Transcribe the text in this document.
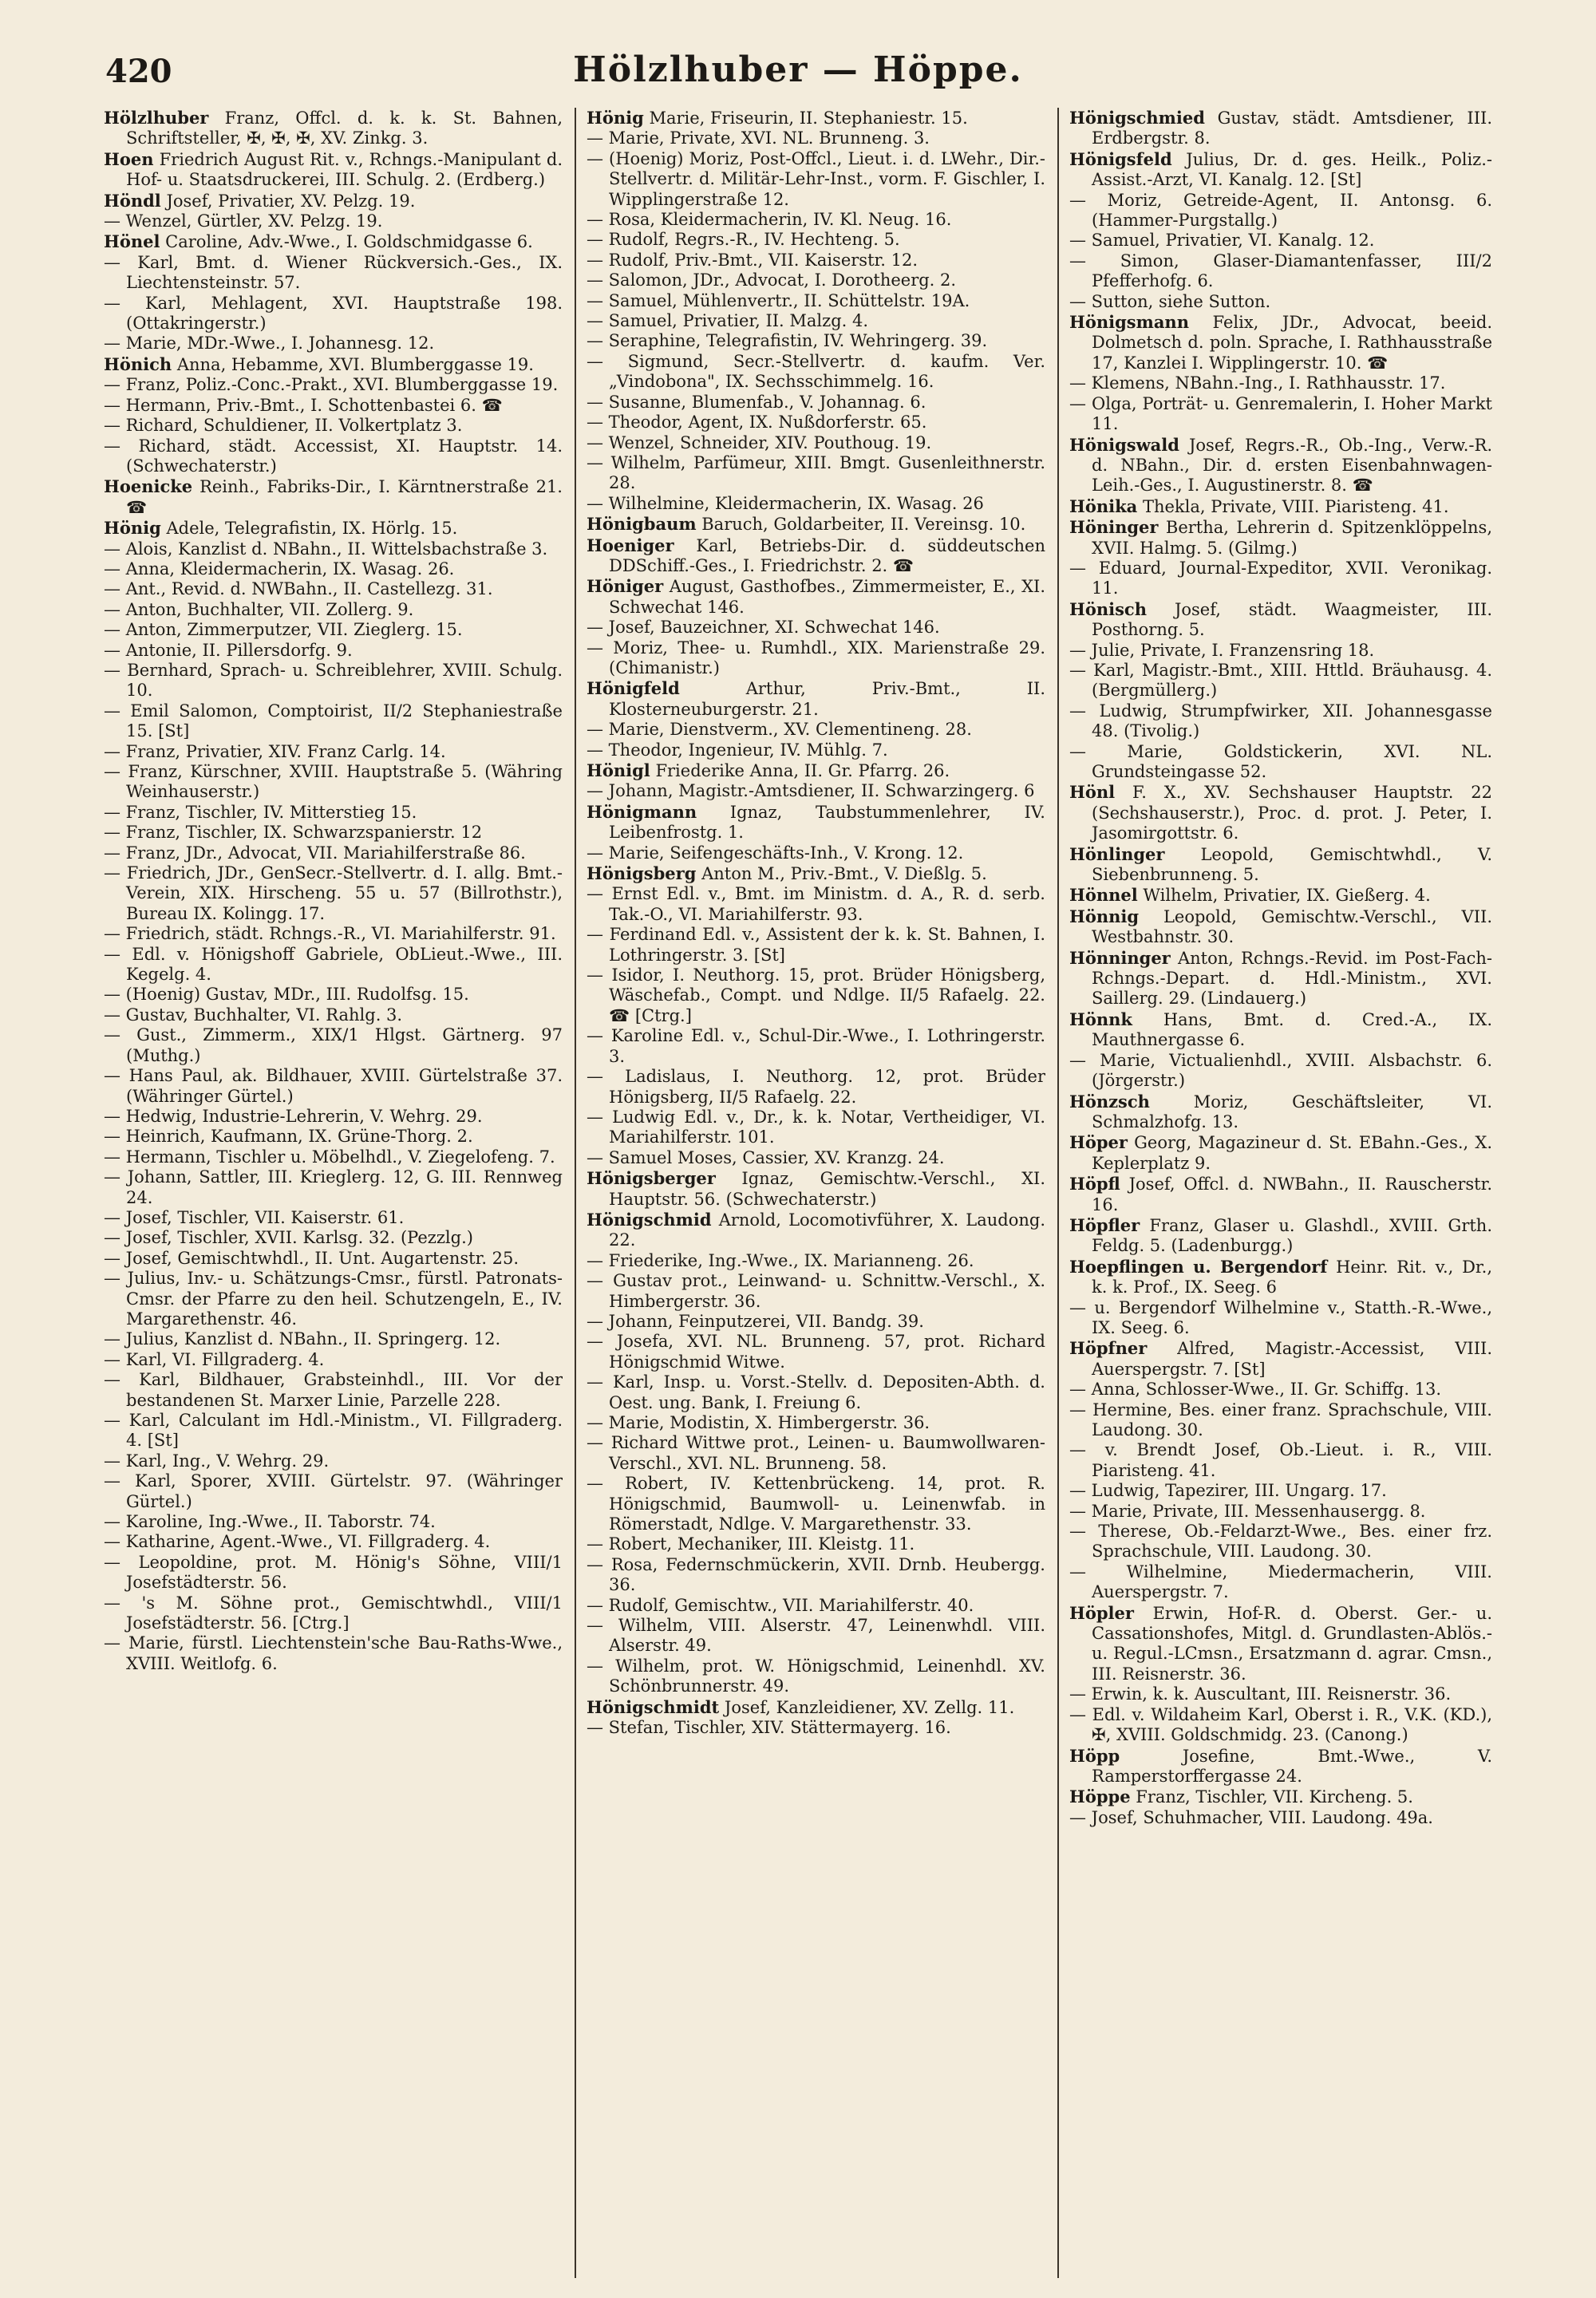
420	Hölzlhuber — Höppe.

Hölzlhuber Franz, Offcl. d. k. k. St. Bahnen, Schriftsteller, ✠, ✠, ✠, XV. Zinkg. 3.

Hoen Friedrich August Rit. v., Rchngs.-Manipulant d. Hof- u. Staatsdruckerei, III. Schulg. 2. (Erdberg.)

Höndl Josef, Privatier, XV. Pelzg. 19.

— Wenzel, Gürtler, XV. Pelzg. 19.

Hönel Caroline, Adv.-Wwe., I. Goldschmidgasse 6.

— Karl, Bmt. d. Wiener Rückversich.-Ges., IX. Liechtensteinstr. 57.

— Karl, Mehlagent, XVI. Hauptstraße 198. (Ottakringerstr.)

— Marie, MDr.-Wwe., I. Johannesg. 12.

Hönich Anna, Hebamme, XVI. Blumberggasse 19.

— Franz, Poliz.-Conc.-Prakt., XVI. Blumberggasse 19.

— Hermann, Priv.-Bmt., I. Schottenbastei 6. ☎

— Richard, Schuldiener, II. Volkertplatz 3.

— Richard, städt. Accessist, XI. Hauptstr. 14. (Schwechaterstr.)

Hoenicke Reinh., Fabriks-Dir., I. Kärntnerstraße 21. ☎

Hönig Adele, Telegrafistin, IX. Hörlg. 15.

— Alois, Kanzlist d. NBahn., II. Wittelsbachstraße 3.

— Anna, Kleidermacherin, IX. Wasag. 26.

— Ant., Revid. d. NWBahn., II. Castellezg. 31.

— Anton, Buchhalter, VII. Zollerg. 9.

— Anton, Zimmerputzer, VII. Zieglerg. 15.

— Antonie, II. Pillersdorfg. 9.

— Bernhard, Sprach- u. Schreiblehrer, XVIII. Schulg. 10.

— Emil Salomon, Comptoirist, II/2 Stephaniestraße 15. [St]

— Franz, Privatier, XIV. Franz Carlg. 14.

— Franz, Kürschner, XVIII. Hauptstraße 5. (Währing Weinhauserstr.)

— Franz, Tischler, IV. Mitterstieg 15.

— Franz, Tischler, IX. Schwarzspanierstr. 12

— Franz, JDr., Advocat, VII. Mariahilferstraße 86.

— Friedrich, JDr., GenSecr.-Stellvertr. d. I. allg. Bmt.-Verein, XIX. Hirscheng. 55 u. 57 (Billrothstr.), Bureau IX. Kolingg. 17.

— Friedrich, städt. Rchngs.-R., VI. Mariahilferstr. 91.

— Edl. v. Hönigshoff Gabriele, ObLieut.-Wwe., III. Kegelg. 4.

— (Hoenig) Gustav, MDr., III. Rudolfsg. 15.

— Gustav, Buchhalter, VI. Rahlg. 3.

— Gust., Zimmerm., XIX/1 Hlgst. Gärtnerg. 97 (Muthg.)

— Hans Paul, ak. Bildhauer, XVIII. Gürtelstraße 37. (Währinger Gürtel.)

— Hedwig, Industrie-Lehrerin, V. Wehrg. 29.

— Heinrich, Kaufmann, IX. Grüne-Thorg. 2.

— Hermann, Tischler u. Möbelhdl., V. Ziegelofeng. 7.

— Johann, Sattler, III. Krieglerg. 12, G. III. Rennweg 24.

— Josef, Tischler, VII. Kaiserstr. 61.

— Josef, Tischler, XVII. Karlsg. 32. (Pezzlg.)

— Josef, Gemischtwhdl., II. Unt. Augartenstr. 25.

— Julius, Inv.- u. Schätzungs-Cmsr., fürstl. Patronats-Cmsr. der Pfarre zu den heil. Schutzengeln, E., IV. Margarethenstr. 46.

— Julius, Kanzlist d. NBahn., II. Springerg. 12.

— Karl, VI. Fillgraderg. 4.

— Karl, Bildhauer, Grabsteinhdl., III. Vor der bestandenen St. Marxer Linie, Parzelle 228.

— Karl, Calculant im Hdl.-Ministm., VI. Fillgraderg. 4. [St]

— Karl, Ing., V. Wehrg. 29.

— Karl, Sporer, XVIII. Gürtelstr. 97. (Währinger Gürtel.)

— Karoline, Ing.-Wwe., II. Taborstr. 74.

— Katharine, Agent.-Wwe., VI. Fillgraderg. 4.

— Leopoldine, prot. M. Hönig's Söhne, VIII/1 Josefstädterstr. 56.

— 's M. Söhne prot., Gemischtwhdl., VIII/1 Josefstädterstr. 56. [Ctrg.]

— Marie, fürstl. Liechtenstein'sche Bau-Raths-Wwe., XVIII. Weitlofg. 6.

Hönig Marie, Friseurin, II. Stephaniestr. 15.

— Marie, Private, XVI. NL. Brunneng. 3.

— (Hoenig) Moriz, Post-Offcl., Lieut. i. d. LWehr., Dir.-Stellvertr. d. Militär-Lehr-Inst., vorm. F. Gischler, I. Wipplingerstraße 12.

— Rosa, Kleidermacherin, IV. Kl. Neug. 16.

— Rudolf, Regrs.-R., IV. Hechteng. 5.

— Rudolf, Priv.-Bmt., VII. Kaiserstr. 12.

— Salomon, JDr., Advocat, I. Dorotheerg. 2.

— Samuel, Mühlenvertr., II. Schüttelstr. 19A.

— Samuel, Privatier, II. Malzg. 4.

— Seraphine, Telegrafistin, IV. Wehringerg. 39.

— Sigmund, Secr.-Stellvertr. d. kaufm. Ver. „Vindobona", IX. Sechsschimmelg. 16.

— Susanne, Blumenfab., V. Johannag. 6.

— Theodor, Agent, IX. Nußdorferstr. 65.

— Wenzel, Schneider, XIV. Pouthoug. 19.

— Wilhelm, Parfümeur, XIII. Bmgt. Gusenleithnerstr. 28.

— Wilhelmine, Kleidermacherin, IX. Wasag. 26

Hönigbaum Baruch, Goldarbeiter, II. Vereinsg. 10.

Hoeniger Karl, Betriebs-Dir. d. süddeutschen DDSchiff.-Ges., I. Friedrichstr. 2. ☎

Höniger August, Gasthofbes., Zimmermeister, E., XI. Schwechat 146.

— Josef, Bauzeichner, XI. Schwechat 146.

— Moriz, Thee- u. Rumhdl., XIX. Marienstraße 29. (Chimanistr.)

Hönigfeld Arthur, Priv.-Bmt., II. Klosterneuburgerstr. 21.

— Marie, Dienstverm., XV. Clementineng. 28.

— Theodor, Ingenieur, IV. Mühlg. 7.

Hönigl Friederike Anna, II. Gr. Pfarrg. 26.

— Johann, Magistr.-Amtsdiener, II. Schwarzingerg. 6

Hönigmann Ignaz, Taubstummenlehrer, IV. Leibenfrostg. 1.

— Marie, Seifengeschäfts-Inh., V. Krong. 12.

Hönigsberg Anton M., Priv.-Bmt., V. Dießlg. 5.

— Ernst Edl. v., Bmt. im Ministm. d. A., R. d. serb. Tak.-O., VI. Mariahilferstr. 93.

— Ferdinand Edl. v., Assistent der k. k. St. Bahnen, I. Lothringerstr. 3. [St]

— Isidor, I. Neuthorg. 15, prot. Brüder Hönigsberg, Wäschefab., Compt. und Ndlge. II/5 Rafaelg. 22. ☎ [Ctrg.]

— Karoline Edl. v., Schul-Dir.-Wwe., I. Lothringerstr. 3.

— Ladislaus, I. Neuthorg. 12, prot. Brüder Hönigsberg, II/5 Rafaelg. 22.

— Ludwig Edl. v., Dr., k. k. Notar, Vertheidiger, VI. Mariahilferstr. 101.

— Samuel Moses, Cassier, XV. Kranzg. 24.

Hönigsberger Ignaz, Gemischtw.-Verschl., XI. Hauptstr. 56. (Schwechaterstr.)

Hönigschmid Arnold, Locomotivführer, X. Laudong. 22.

— Friederike, Ing.-Wwe., IX. Marianneng. 26.

— Gustav prot., Leinwand- u. Schnittw.-Verschl., X. Himbergerstr. 36.

— Johann, Feinputzerei, VII. Bandg. 39.

— Josefa, XVI. NL. Brunneng. 57, prot. Richard Hönigschmid Witwe.

— Karl, Insp. u. Vorst.-Stellv. d. Depositen-Abth. d. Oest. ung. Bank, I. Freiung 6.

— Marie, Modistin, X. Himbergerstr. 36.

— Richard Wittwe prot., Leinen- u. Baumwollwaren-Verschl., XVI. NL. Brunneng. 58.

— Robert, IV. Kettenbrückeng. 14, prot. R. Hönigschmid, Baumwoll- u. Leinenwfab. in Römerstadt, Ndlge. V. Margarethenstr. 33.

— Robert, Mechaniker, III. Kleistg. 11.

— Rosa, Federnschmückerin, XVII. Drnb. Heubergg. 36.

— Rudolf, Gemischtw., VII. Mariahilferstr. 40.

— Wilhelm, VIII. Alserstr. 47, Leinenwhdl. VIII. Alserstr. 49.

— Wilhelm, prot. W. Hönigschmid, Leinenhdl. XV. Schönbrunnerstr. 49.

Hönigschmidt Josef, Kanzleidiener, XV. Zellg. 11.

— Stefan, Tischler, XIV. Stättermayerg. 16.

Hönigschmied Gustav, städt. Amtsdiener, III. Erdbergstr. 8.

Hönigsfeld Julius, Dr. d. ges. Heilk., Poliz.-Assist.-Arzt, VI. Kanalg. 12. [St]

— Moriz, Getreide-Agent, II. Antonsg. 6. (Hammer-Purgstallg.)

— Samuel, Privatier, VI. Kanalg. 12.

— Simon, Glaser-Diamantenfasser, III/2 Pfefferhofg. 6.

— Sutton, siehe Sutton.

Hönigsmann Felix, JDr., Advocat, beeid. Dolmetsch d. poln. Sprache, I. Rathhausstraße 17, Kanzlei I. Wipplingerstr. 10. ☎

— Klemens, NBahn.-Ing., I. Rathhausstr. 17.

— Olga, Porträt- u. Genremalerin, I. Hoher Markt 11.

Hönigswald Josef, Regrs.-R., Ob.-Ing., Verw.-R. d. NBahn., Dir. d. ersten Eisenbahnwagen-Leih.-Ges., I. Augustinerstr. 8. ☎

Hönika Thekla, Private, VIII. Piaristeng. 41.

Höninger Bertha, Lehrerin d. Spitzenklöppelns, XVII. Halmg. 5. (Gilmg.)

— Eduard, Journal-Expeditor, XVII. Veronikag. 11.

Hönisch Josef, städt. Waagmeister, III. Posthorng. 5.

— Julie, Private, I. Franzensring 18.

— Karl, Magistr.-Bmt., XIII. Httld. Bräuhausg. 4. (Bergmüllerg.)

— Ludwig, Strumpfwirker, XII. Johannesgasse 48. (Tivolig.)

— Marie, Goldstickerin, XVI. NL. Grundsteingasse 52.

Hönl F. X., XV. Sechshauser Hauptstr. 22 (Sechshauserstr.), Proc. d. prot. J. Peter, I. Jasomirgottstr. 6.

Hönlinger Leopold, Gemischtwhdl., V. Siebenbrunneng. 5.

Hönnel Wilhelm, Privatier, IX. Gießerg. 4.

Hönnig Leopold, Gemischtw.-Verschl., VII. Westbahnstr. 30.

Hönninger Anton, Rchngs.-Revid. im Post-Fach-Rchngs.-Depart. d. Hdl.-Ministm., XVI. Saillerg. 29. (Lindauerg.)

Hönnk Hans, Bmt. d. Cred.-A., IX. Mauthnergasse 6.

— Marie, Victualienhdl., XVIII. Alsbachstr. 6. (Jörgerstr.)

Hönzsch Moriz, Geschäftsleiter, VI. Schmalzhofg. 13.

Höper Georg, Magazineur d. St. EBahn.-Ges., X. Keplerplatz 9.

Höpfl Josef, Offcl. d. NWBahn., II. Rauscherstr. 16.

Höpfler Franz, Glaser u. Glashdl., XVIII. Grth. Feldg. 5. (Ladenburgg.)

Hoepflingen u. Bergendorf Heinr. Rit. v., Dr., k. k. Prof., IX. Seeg. 6

— u. Bergendorf Wilhelmine v., Statth.-R.-Wwe., IX. Seeg. 6.

Höpfner Alfred, Magistr.-Accessist, VIII. Auerspergstr. 7. [St]

— Anna, Schlosser-Wwe., II. Gr. Schiffg. 13.

— Hermine, Bes. einer franz. Sprachschule, VIII. Laudong. 30.

— v. Brendt Josef, Ob.-Lieut. i. R., VIII. Piaristeng. 41.

— Ludwig, Tapezirer, III. Ungarg. 17.

— Marie, Private, III. Messenhausergg. 8.

— Therese, Ob.-Feldarzt-Wwe., Bes. einer frz. Sprachschule, VIII. Laudong. 30.

— Wilhelmine, Miedermacherin, VIII. Auerspergstr. 7.

Höpler Erwin, Hof-R. d. Oberst. Ger.- u. Cassationshofes, Mitgl. d. Grundlasten-Ablös.- u. Regul.-LCmsn., Ersatzmann d. agrar. Cmsn., III. Reisnerstr. 36.

— Erwin, k. k. Auscultant, III. Reisnerstr. 36.

— Edl. v. Wildaheim Karl, Oberst i. R., V.K. (KD.), ✠, XVIII. Goldschmidg. 23. (Canong.)

Höpp Josefine, Bmt.-Wwe., V. Ramperstorffergasse 24.

Höppe Franz, Tischler, VII. Kircheng. 5.

— Josef, Schuhmacher, VIII. Laudong. 49a.
